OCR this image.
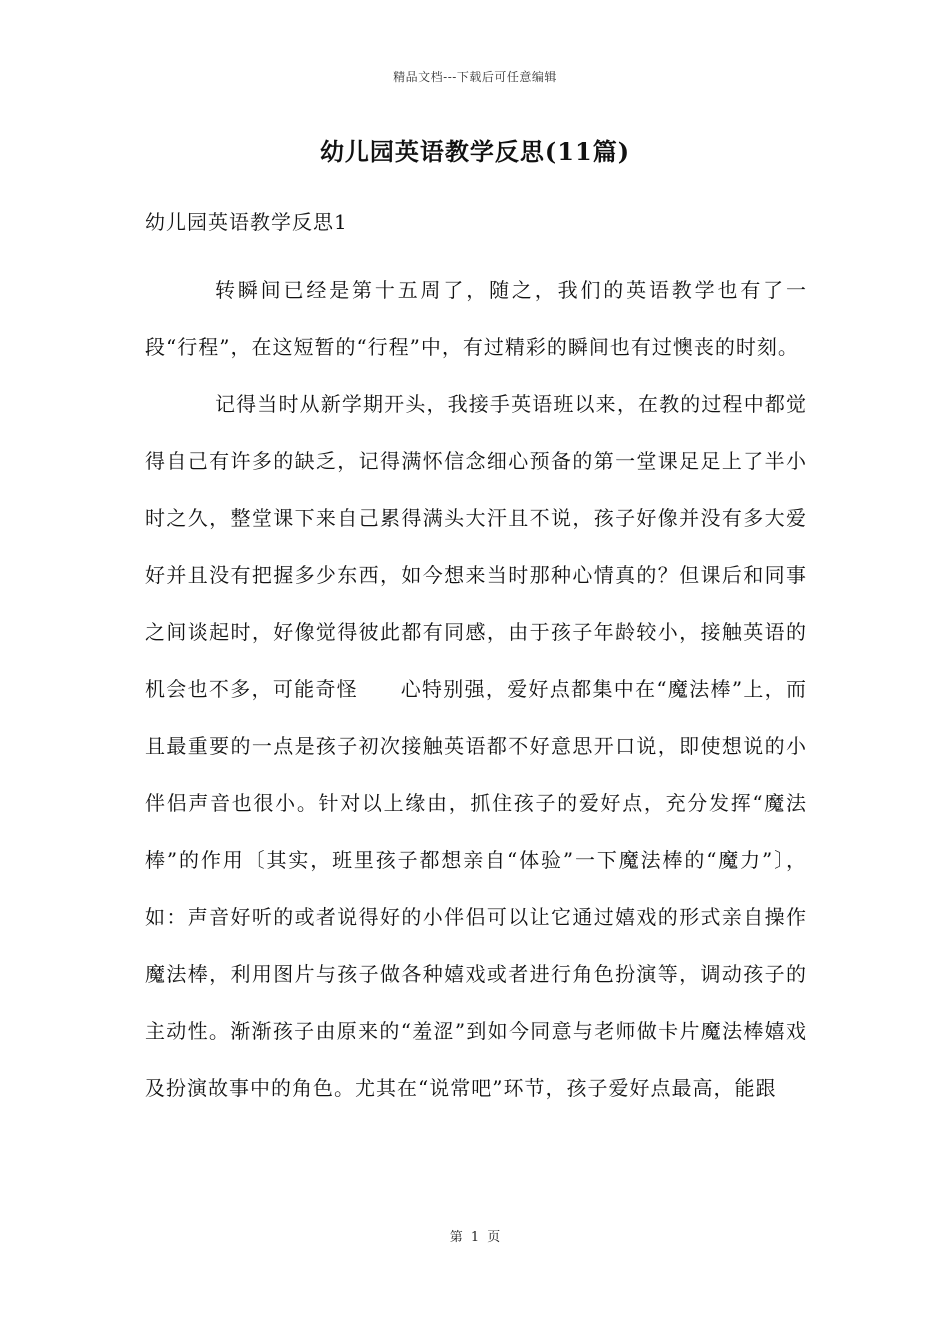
精品文档---下载后可任意编辑
幼儿园英语教学反思(11篇)
幼儿园英语教学反思1

转瞬间已经是第十五周了，随之，我们的英语教学也有了一段“行程”，在这短暂的“行程”中，有过精彩的瞬间也有过懊丧的时刻。

记得当时从新学期开头，我接手英语班以来，在教的过程中都觉得自己有许多的缺乏，记得满怀信念细心预备的第一堂课足足上了半小时之久，整堂课下来自己累得满头大汗且不说，孩子好像并没有多大爱好并且没有把握多少东西，如今想来当时那种心情真的？但课后和同事之间谈起时，好像觉得彼此都有同感，由于孩子年龄较小，接触英语的机会也不多，可能奇怪　　心特别强，爱好点都集中在“魔法棒”上，而且最重要的一点是孩子初次接触英语都不好意思开口说，即使想说的小伴侣声音也很小。针对以上缘由，抓住孩子的爱好点，充分发挥“魔法棒”的作用〔其实，班里孩子都想亲自“体验”一下魔法棒的“魔力”〕，如：声音好听的或者说得好的小伴侣可以让它通过嬉戏的形式亲自操作魔法棒，利用图片与孩子做各种嬉戏或者进行角色扮演等，调动孩子的主动性。渐渐孩子由原来的“羞涩”到如今同意与老师做卡片魔法棒嬉戏及扮演故事中的角色。尤其在“说常吧”环节，孩子爱好点最高，能跟

第 1 页
